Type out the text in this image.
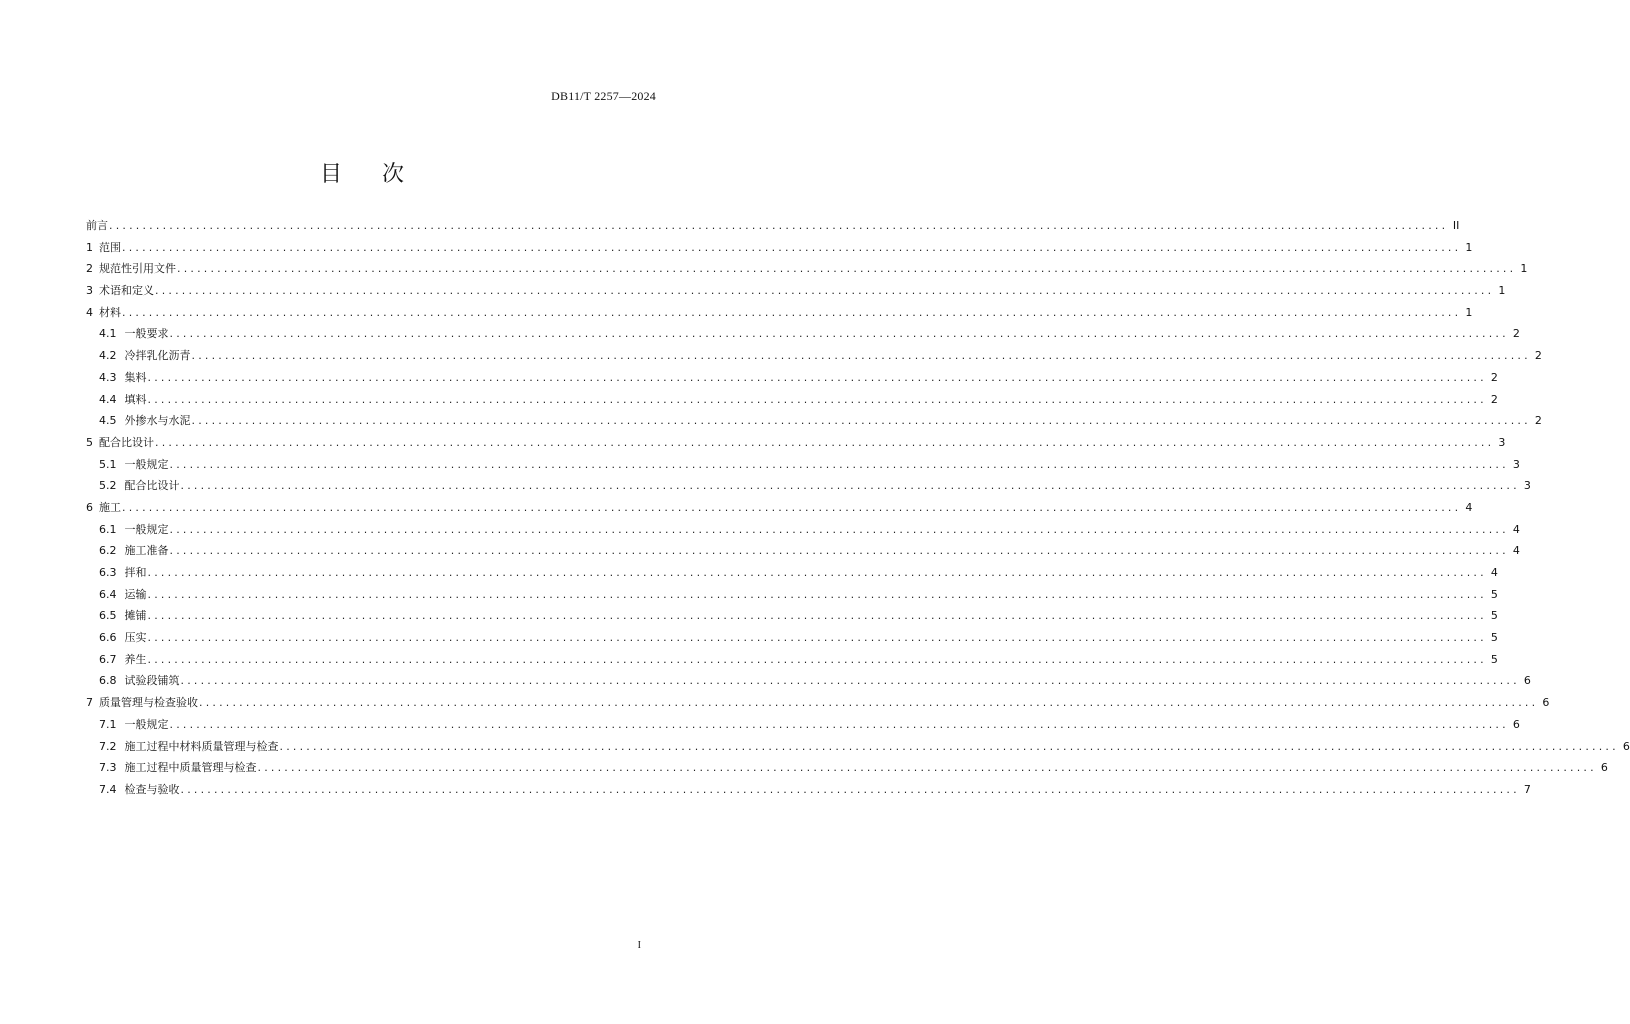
DB11/T 2257—2024
目次
前言 ........................................................................................................................................................................................................ II
1 范围 ........................................................................................................................................................................................................ 1
2 规范性引用文件 ........................................................................................................................................................................................................ 1
3 术语和定义 ........................................................................................................................................................................................................ 1
4 材料 ........................................................................................................................................................................................................ 1
4.1 一般要求 ........................................................................................................................................................................................................ 2
4.2 冷拌乳化沥青 ........................................................................................................................................................................................................ 2
4.3 集料 ........................................................................................................................................................................................................ 2
4.4 填料 ........................................................................................................................................................................................................ 2
4.5 外掺水与水泥 ........................................................................................................................................................................................................ 2
5 配合比设计 ........................................................................................................................................................................................................ 3
5.1 一般规定 ........................................................................................................................................................................................................ 3
5.2 配合比设计 ........................................................................................................................................................................................................ 3
6 施工 ........................................................................................................................................................................................................ 4
6.1 一般规定 ........................................................................................................................................................................................................ 4
6.2 施工准备 ........................................................................................................................................................................................................ 4
6.3 拌和 ........................................................................................................................................................................................................ 4
6.4 运输 ........................................................................................................................................................................................................ 5
6.5 摊铺 ........................................................................................................................................................................................................ 5
6.6 压实 ........................................................................................................................................................................................................ 5
6.7 养生 ........................................................................................................................................................................................................ 5
6.8 试验段铺筑 ........................................................................................................................................................................................................ 6
7 质量管理与检查验收 ........................................................................................................................................................................................................ 6
7.1 一般规定 ........................................................................................................................................................................................................ 6
7.2 施工过程中材料质量管理与检查 ........................................................................................................................................................................................................ 6
7.3 施工过程中质量管理与检查 ........................................................................................................................................................................................................ 6
7.4 检查与验收 ........................................................................................................................................................................................................ 7
I
